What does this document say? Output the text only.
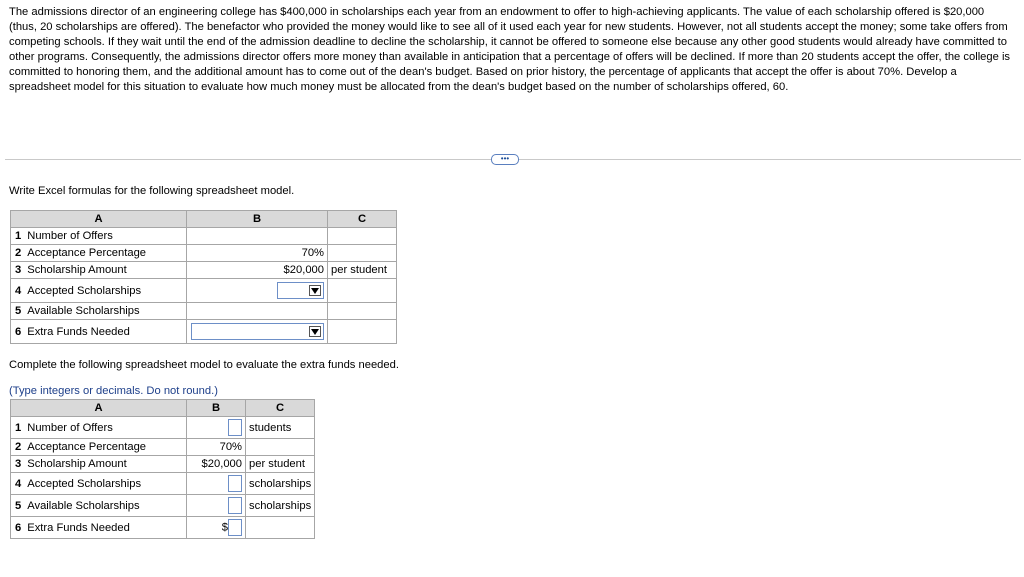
The admissions director of an engineering college has $400,000 in scholarships each year from an endowment to offer to high-achieving applicants. The value of each scholarship offered is $20,000 (thus, 20 scholarships are offered). The benefactor who provided the money would like to see all of it used each year for new students. However, not all students accept the money; some take offers from competing schools. If they wait until the end of the admission deadline to decline the scholarship, it cannot be offered to someone else because any other good students would already have committed to other programs. Consequently, the admissions director offers more money than available in anticipation that a percentage of offers will be declined. If more than 20 students accept the offer, the college is committed to honoring them, and the additional amount has to come out of the dean's budget. Based on prior history, the percentage of applicants that accept the offer is about 70%. Develop a spreadsheet model for this situation to evaluate how much money must be allocated from the dean's budget based on the number of scholarships offered, 60.

•••

Write Excel formulas for the following spreadsheet model.

A	B	C
1 Number of Offers		
2 Acceptance Percentage	70%	
3 Scholarship Amount	$20,000	per student
4 Accepted Scholarships	

5 Available Scholarships		
6 Extra Funds Needed	

Complete the following spreadsheet model to evaluate the extra funds needed.

(Type integers or decimals. Do not round.)

A	B	C
1 Number of Offers		students
2 Acceptance Percentage	70%	
3 Scholarship Amount	$20,000	per student
4 Accepted Scholarships		scholarships
5 Available Scholarships		scholarships
6 Extra Funds Needed	$	
